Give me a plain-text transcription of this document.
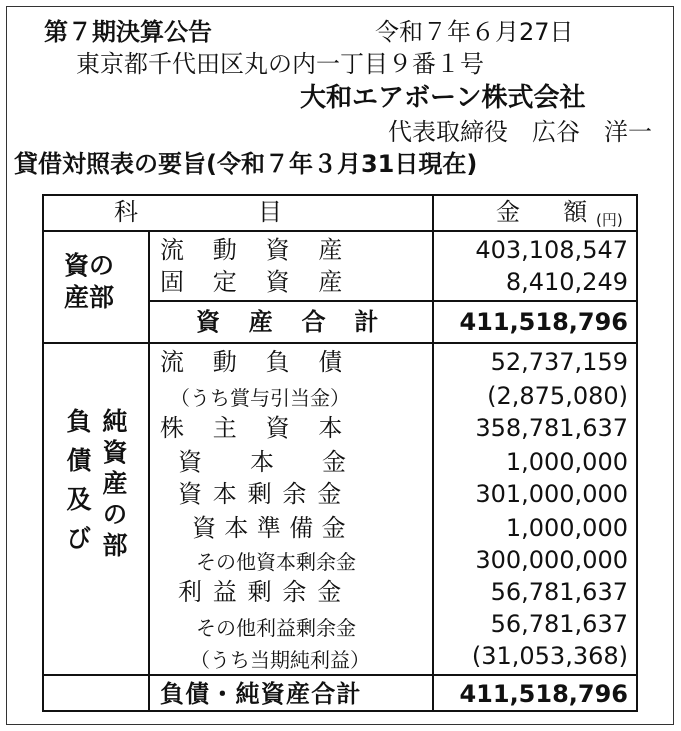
第７期決算公告	令和７年６月27日
東京都千代田区丸の内一丁目９番１号
大和エアボーン株式会社
代表取締役　広谷　洋一
貸借対照表の要旨(令和７年３月31日現在)
科　　　　　目	金　額 (円)
資の
産部
流　動　資　産	403,108,547
固　定　資　産	8,410,249
資　産　合　計	411,518,796
負債及び 純資産の部
流　動　負　債	52,737,159
（うち賞与引当金）	(2,875,080)
株　主　資　本	358,781,637
資　　本　　金	1,000,000
資本剰余金	301,000,000
資本準備金	1,000,000
その他資本剰余金	300,000,000
利益剰余金	56,781,637
その他利益剰余金	56,781,637
（うち当期純利益）	(31,053,368)
負債・純資産合計	411,518,796
